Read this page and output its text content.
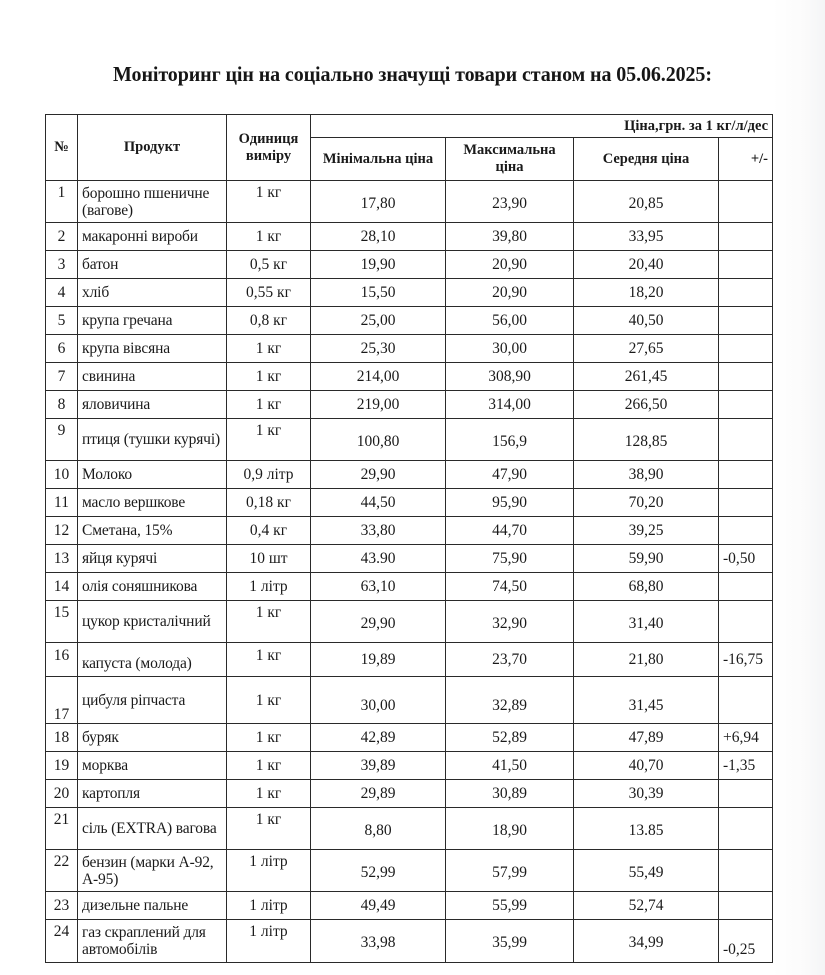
Моніторинг цін на соціально значущі товари станом на 05.06.2025:
№	Продукт	Одиниця виміру	Ціна,грн. за 1 кг/л/дес			
			Мінімальна ціна	Максимальна ціна	Середня ціна	+/-
1	борошно пшеничне (вагове)	1 кг	17,80	23,90	20,85	
2	макаронні вироби	1 кг	28,10	39,80	33,95	
3	батон	0,5 кг	19,90	20,90	20,40	
4	хліб	0,55 кг	15,50	20,90	18,20	
5	крупа гречана	0,8 кг	25,00	56,00	40,50	
6	крупа вівсяна	1 кг	25,30	30,00	27,65	
7	свинина	1 кг	214,00	308,90	261,45	
8	яловичина	1 кг	219,00	314,00	266,50	
9	птиця (тушки курячі)	1 кг	100,80	156,9	128,85	
10	Молоко	0,9 літр	29,90	47,90	38,90	
11	масло вершкове	0,18 кг	44,50	95,90	70,20	
12	Сметана, 15%	0,4 кг	33,80	44,70	39,25	
13	яйця курячі	10 шт	43.90	75,90	59,90	-0,50
14	олія соняшникова	1 літр	63,10	74,50	68,80	
15	цукор кристалічний	1 кг	29,90	32,90	31,40	
16	капуста (молода)	1 кг	19,89	23,70	21,80	-16,75
17	цибуля ріпчаста	1 кг	30,00	32,89	31,45	
18	буряк	1 кг	42,89	52,89	47,89	+6,94
19	морква	1 кг	39,89	41,50	40,70	-1,35
20	картопля	1 кг	29,89	30,89	30,39	
21	сіль (EXTRA) вагова	1 кг	8,80	18,90	13.85	
22	бензин (марки А-92, А-95)	1 літр	52,99	57,99	55,49	
23	дизельне пальне	1 літр	49,49	55,99	52,74	
24	газ скраплений для автомобілів	1 літр	33,98	35,99	34,99	-0,25
